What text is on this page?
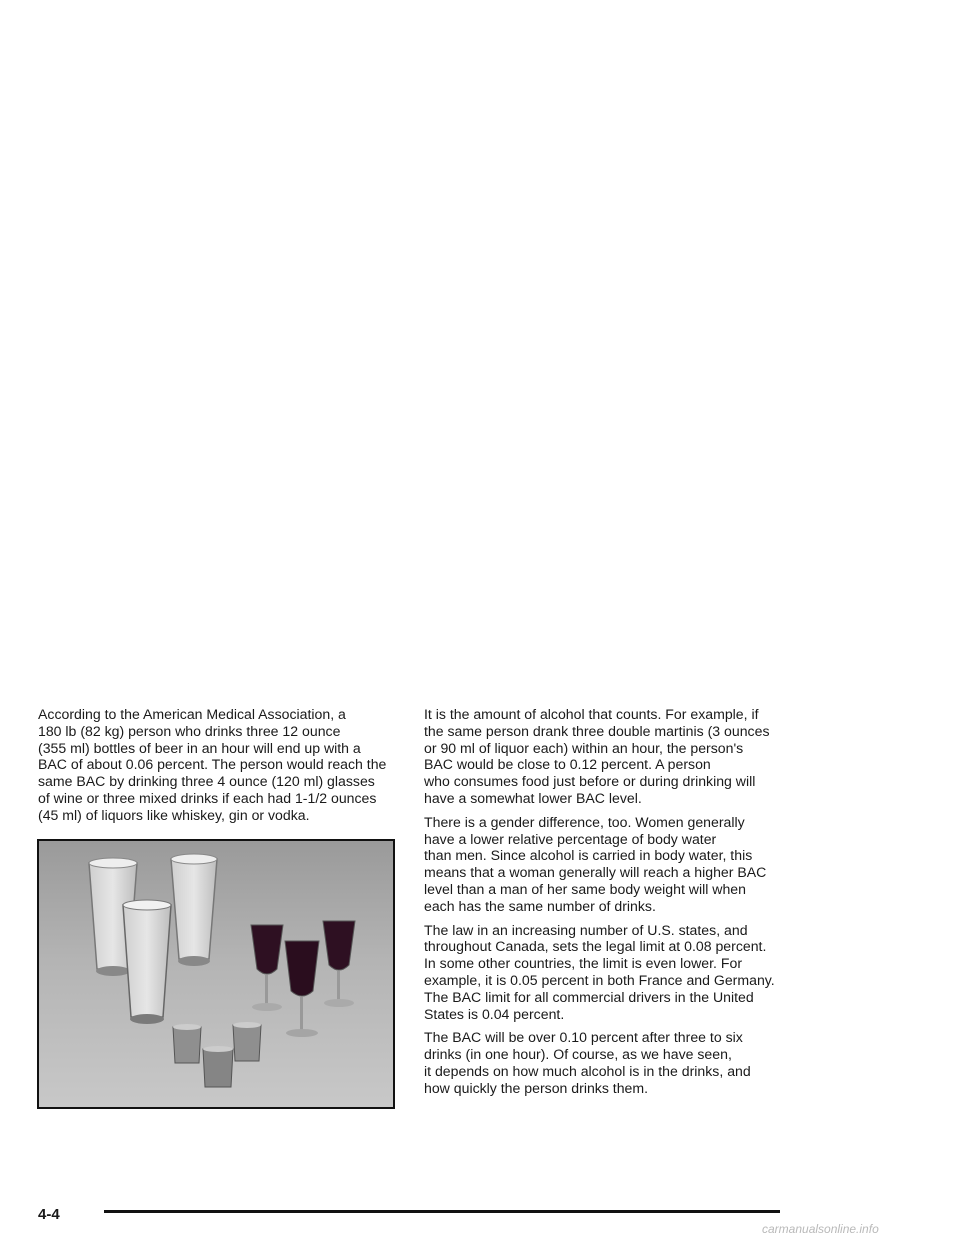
According to the American Medical Association, a
180 lb (82 kg) person who drinks three 12 ounce
(355 ml) bottles of beer in an hour will end up with a
BAC of about 0.06 percent. The person would reach the
same BAC by drinking three 4 ounce (120 ml) glasses
of wine or three mixed drinks if each had 1-1/2 ounces
(45 ml) of liquors like whiskey, gin or vodka.

It is the amount of alcohol that counts. For example, if
the same person drank three double martinis (3 ounces
or 90 ml of liquor each) within an hour, the person's
BAC would be close to 0.12 percent. A person
who consumes food just before or during drinking will
have a somewhat lower BAC level.

There is a gender difference, too. Women generally
have a lower relative percentage of body water
than men. Since alcohol is carried in body water, this
means that a woman generally will reach a higher BAC
level than a man of her same body weight will when
each has the same number of drinks.

The law in an increasing number of U.S. states, and
throughout Canada, sets the legal limit at 0.08 percent.
In some other countries, the limit is even lower. For
example, it is 0.05 percent in both France and Germany.
The BAC limit for all commercial drivers in the United
States is 0.04 percent.

The BAC will be over 0.10 percent after three to six
drinks (in one hour). Of course, as we have seen,
it depends on how much alcohol is in the drinks, and
how quickly the person drinks them.

4-4
carmanualsonline.info
